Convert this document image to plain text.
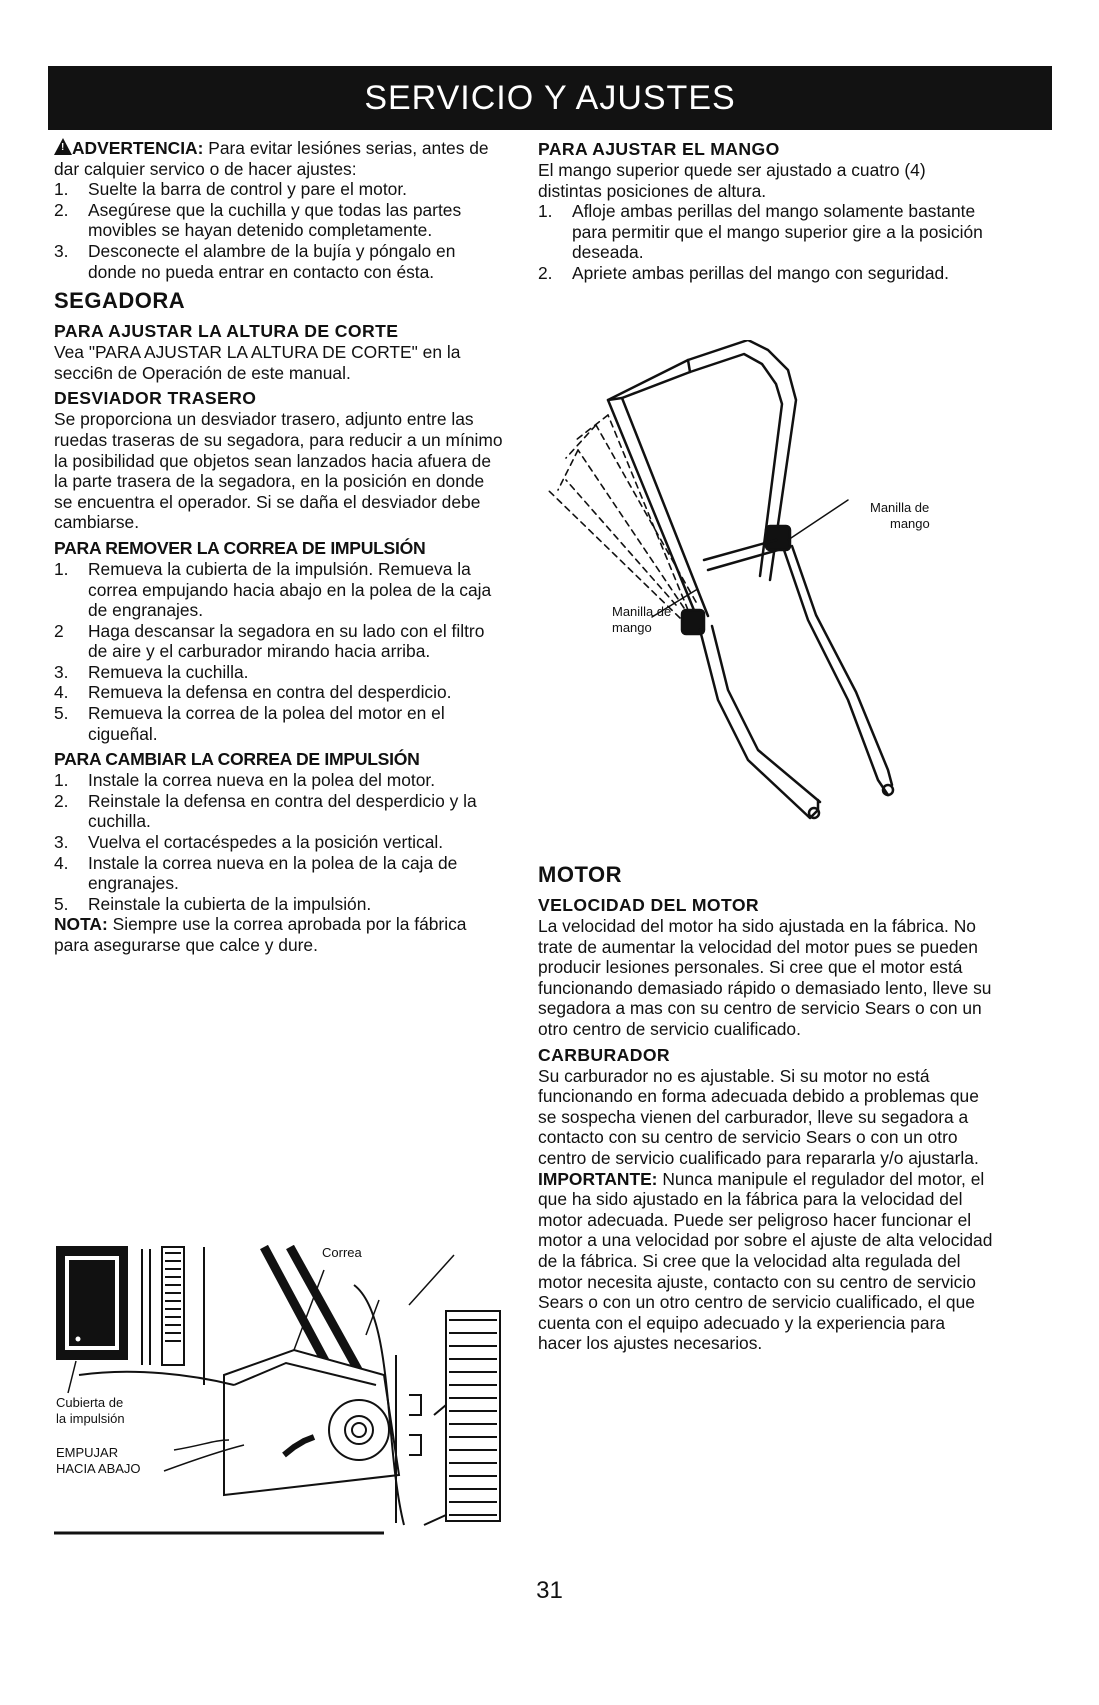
SERVICIO Y AJUSTES

! ADVERTENCIA: Para evitar lesiónes serias, antes de dar calquier servico o de hacer ajustes:

1. Suelte la barra de control y pare el motor.
2. Asegúrese que la cuchilla y que todas las partes movibles se hayan detenido completamente.
3. Desconecte el alambre de la bujía y póngalo en donde no pueda entrar en contacto con ésta.
SEGADORA
PARA AJUSTAR LA ALTURA DE CORTE

Vea "PARA AJUSTAR LA ALTURA DE CORTE" en la secci6n de Operación de este manual.

DESVIADOR TRASERO

Se proporciona un desviador trasero, adjunto entre las ruedas traseras de su segadora, para reducir a un mínimo la posibilidad que objetos sean lanzados hacia afuera de la parte trasera de la segadora, en la posición en donde se encuentra el operador. Si se daña el desviador debe cambiarse.

PARA REMOVER LA CORREA DE IMPULSIÓN
1. Remueva la cubierta de la impulsión. Remueva la correa empujando hacia abajo en la polea de la caja de engranajes.
2 Haga descansar la segadora en su lado con el filtro de aire y el carburador mirando hacia arriba.
3. Remueva la cuchilla.
4. Remueva la defensa en contra del desperdicio.
5. Remueva la correa de la polea del motor en el cigueñal.
PARA CAMBIAR LA CORREA DE IMPULSIÓN
1. Instale la correa nueva en la polea del motor.
2. Reinstale la defensa en contra del desperdicio y la cuchilla.
3. Vuelva el cortacéspedes a la posición vertical.
4. Instale la correa nueva en la polea de la caja de engranajes.
5. Reinstale la cubierta de la impulsión.

NOTA: Siempre use la correa aprobada por la fábrica para asegurarse que calce y dure.

Correa
Cubierta de
la impulsión
EMPUJAR
HACIA ABAJO
PARA AJUSTAR EL MANGO

El mango superior quede ser ajustado a cuatro (4) distintas posiciones de altura.

1. Afloje ambas perillas del mango solamente bastante para permitir que el mango superior gire a la posición deseada.
2. Apriete ambas perillas del mango con seguridad.
Manilla de
mango
Manilla de
mango
MOTOR
VELOCIDAD DEL MOTOR

La velocidad del motor ha sido ajustada en la fábrica. No trate de aumentar la velocidad del motor pues se pueden producir lesiones personales. Si cree que el motor está funcionando demasiado rápido o demasiado lento, lleve su segadora a mas con su centro de servicio Sears o con un otro centro de servicio cualificado.

CARBURADOR

Su carburador no es ajustable. Si su motor no está funcionando en forma adecuada debido a problemas que se sospecha vienen del carburador, lleve su segadora a contacto con su centro de servicio Sears o con un otro centro de servicio cualificado para repararla y/o ajustarla.

IMPORTANTE: Nunca manipule el regulador del motor, el que ha sido ajustado en la fábrica para la velocidad del motor adecuada. Puede ser peligroso hacer funcionar el motor a una velocidad por sobre el ajuste de alta velocidad de la fábrica. Si cree que la velocidad alta regulada del motor necesita ajuste, contacto con su centro de servicio Sears o con un otro centro de servicio cualificado, el que cuenta con el equipo adecuado y la experiencia para hacer los ajustes necesarios.

31
